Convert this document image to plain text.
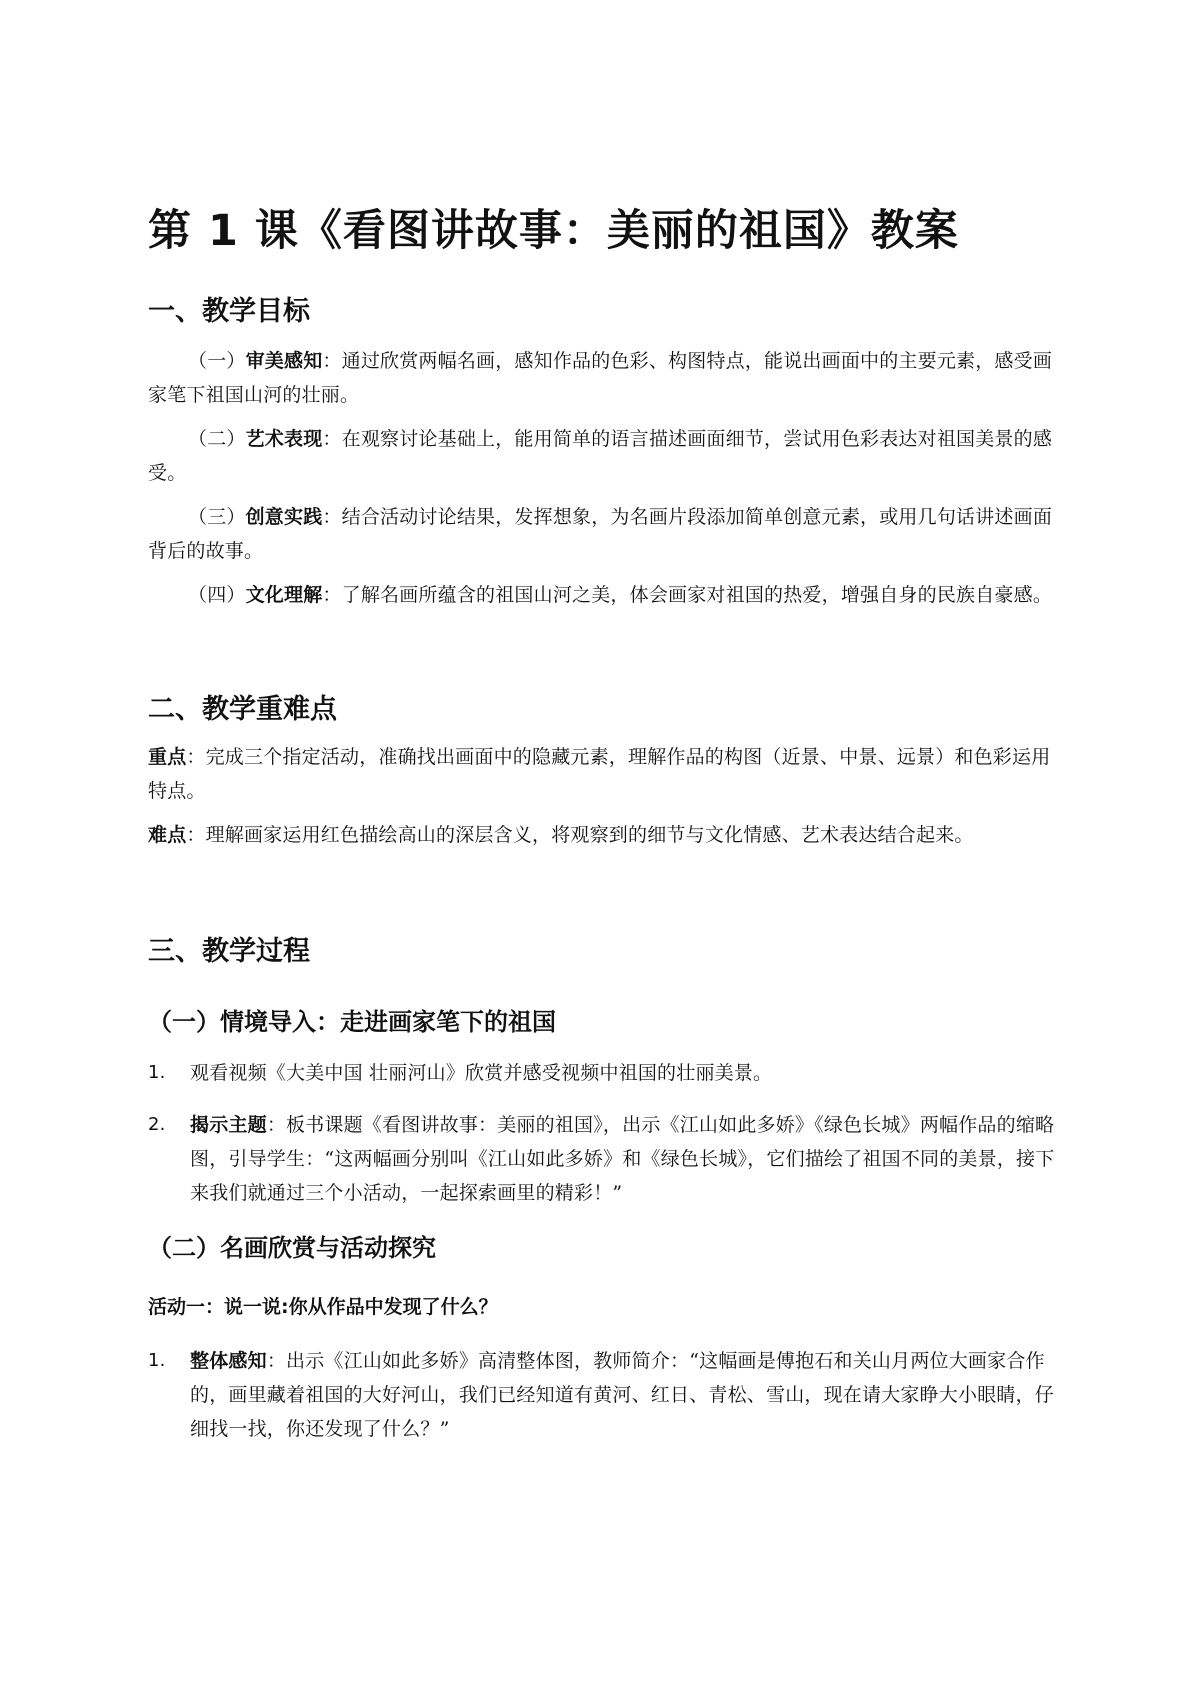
第 1 课《看图讲故事：美丽的祖国》教案
一、教学目标

（一）审美感知：通过欣赏两幅名画，感知作品的色彩、构图特点，能说出画面中的主要元素，感受画家笔下祖国山河的壮丽。

（二）艺术表现：在观察讨论基础上，能用简单的语言描述画面细节，尝试用色彩表达对祖国美景的感受。

（三）创意实践：结合活动讨论结果，发挥想象，为名画片段添加简单创意元素，或用几句话讲述画面背后的故事。

（四）文化理解：了解名画所蕴含的祖国山河之美，体会画家对祖国的热爱，增强自身的民族自豪感。

二、教学重难点

重点：完成三个指定活动，准确找出画面中的隐藏元素，理解作品的构图（近景、中景、远景）和色彩运用特点。

难点：理解画家运用红色描绘高山的深层含义，将观察到的细节与文化情感、艺术表达结合起来。

三、教学过程
（一）情境导入：走进画家笔下的祖国
1. 观看视频《大美中国 壮丽河山》欣赏并感受视频中祖国的壮丽美景。
2. 揭示主题：板书课题《看图讲故事：美丽的祖国》，出示《江山如此多娇》《绿色长城》两幅作品的缩略图，引导学生：“这两幅画分别叫《江山如此多娇》和《绿色长城》，它们描绘了祖国不同的美景，接下来我们就通过三个小活动，一起探索画里的精彩！”
（二）名画欣赏与活动探究
活动一：说一说:你从作品中发现了什么？
1. 整体感知：出示《江山如此多娇》高清整体图，教师简介：“这幅画是傅抱石和关山月两位大画家合作的，画里藏着祖国的大好河山，我们已经知道有黄河、红日、青松、雪山，现在请大家睁大小眼睛，仔细找一找，你还发现了什么？”
